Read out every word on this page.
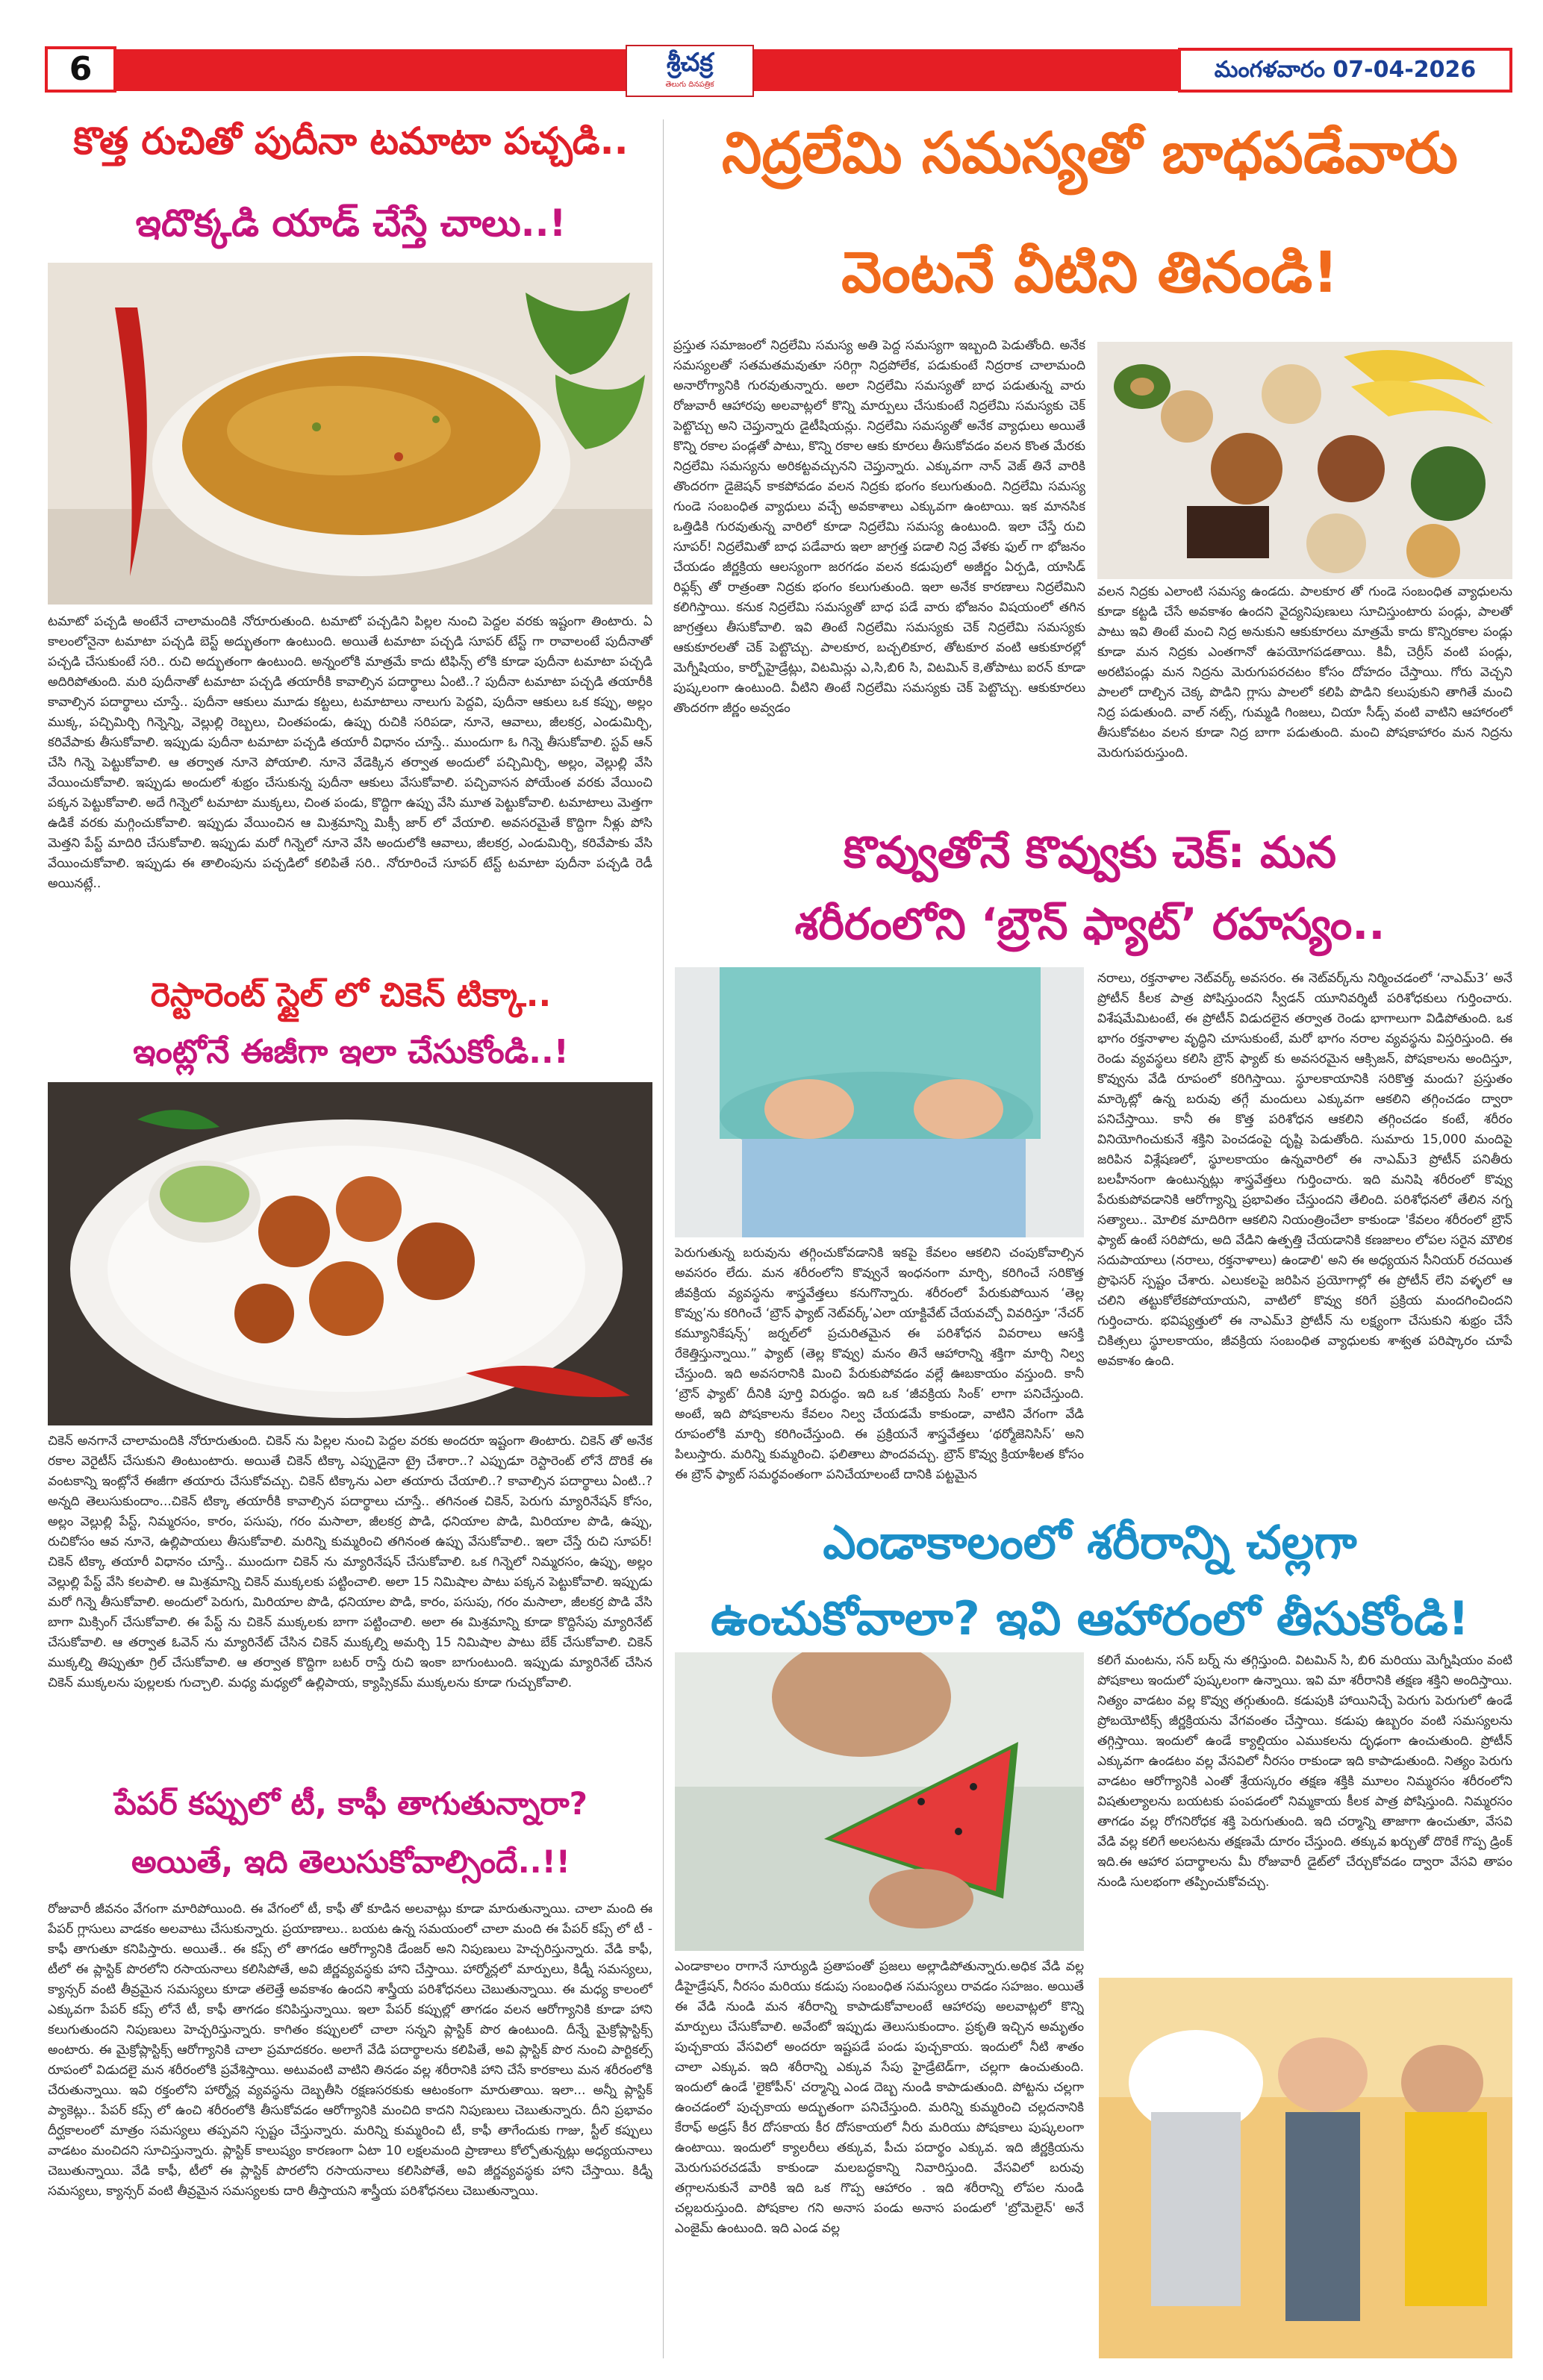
6	శ్రీచక్ర
తెలుగు దినపత్రిక
మంగళవారం 07-04-2026
కొత్త రుచితో పుదీనా టమాటా పచ్చడి..
ఇదొక్కడి యాడ్ చేస్తే చాలు..!
టమాటో పచ్చడి అంటేనే చాలామందికి నోరూరుతుంది. టమాటో పచ్చడిని పిల్లల నుంచి పెద్దల వరకు ఇష్టంగా తింటారు. ఏ కాలంలోనైనా టమాటా పచ్చడి బెస్ట్ అద్భుతంగా ఉంటుంది. అయితే టమాటా పచ్చడి సూపర్ టేస్ట్ గా రావాలంటే పుదీనాతో పచ్చడి చేసుకుంటే సరి.. రుచి అద్భుతంగా ఉంటుంది. అన్నంలోకి మాత్రమే కాదు టిఫిన్స్ లోకి కూడా పుదీనా టమాటా పచ్చడి అదిరిపోతుంది. మరి పుదీనాతో టమాటా పచ్చడి తయారీకి కావాల్సిన పదార్థాలు ఏంటి..? పుదీనా టమాటా పచ్చడి తయారీకి కావాల్సిన పదార్థాలు చూస్తే.. పుదీనా ఆకులు మూడు కట్టలు, టమాటాలు నాలుగు పెద్దవి, పుదీనా ఆకులు ఒక కప్పు, అల్లం ముక్క, పచ్చిమిర్చి గిన్నెన్ని, వెల్లుల్లి రెబ్బలు, చింతపండు, ఉప్పు రుచికి సరిపడా, నూనె, ఆవాలు, జీలకర్ర, ఎండుమిర్చి, కరివేపాకు తీసుకోవాలి. ఇప్పుడు పుదీనా టమాటా పచ్చడి తయారీ విధానం చూస్తే.. ముందుగా ఓ గిన్నె తీసుకోవాలి. స్టవ్ ఆన్ చేసి గిన్నె పెట్టుకోవాలి. ఆ తర్వాత నూనె పోయాలి. నూనె వేడెక్కిన తర్వాత అందులో పచ్చిమిర్చి, అల్లం, వెల్లుల్లి వేసి వేయించుకోవాలి. ఇప్పుడు అందులో శుభ్రం చేసుకున్న పుదీనా ఆకులు వేసుకోవాలి. పచ్చివాసన పోయేంత వరకు వేయించి పక్కన పెట్టుకోవాలి. అదే గిన్నెలో టమాటా ముక్కలు, చింత పండు, కొద్దిగా ఉప్పు వేసి మూత పెట్టుకోవాలి. టమాటాలు మెత్తగా ఉడికే వరకు మగ్గించుకోవాలి. ఇప్పుడు వేయించిన ఆ మిశ్రమాన్ని మిక్సీ జార్ లో వేయాలి. అవసరమైతే కొద్దిగా నీళ్లు పోసి మెత్తని పేస్ట్ మాదిరి చేసుకోవాలి. ఇప్పుడు మరో గిన్నెలో నూనె వేసి అందులోకి ఆవాలు, జీలకర్ర, ఎండుమిర్చి, కరివేపాకు వేసి వేయించుకోవాలి. ఇప్పుడు ఈ తాలింపును పచ్చడిలో కలిపితే సరి.. నోరూరించే సూపర్ టేస్ట్ టమాటా పుదీనా పచ్చడి రెడీ అయినట్లే..
రెస్టారెంట్ స్టైల్ లో చికెన్ టిక్కా..
ఇంట్లోనే ఈజీగా ఇలా చేసుకోండి..!
చికెన్ అనగానే చాలామందికి నోరూరుతుంది. చికెన్ ను పిల్లల నుంచి పెద్దల వరకు అందరూ ఇష్టంగా తింటారు. చికెన్ తో అనేక రకాల వెరైటీస్ చేసుకుని తింటుంటారు. అయితే చికెన్ టిక్కా ఎప్పుడైనా ట్రై చేశారా..? ఎప్పుడూ రెస్టారెంట్ లోనే దొరికే ఈ వంటకాన్ని ఇంట్లోనే ఈజీగా తయారు చేసుకోవచ్చు. చికెన్ టిక్కాను ఎలా తయారు చేయాలి..? కావాల్సిన పదార్థాలు ఏంటి..? అన్నది తెలుసుకుందాం...చికెన్ టిక్కా తయారీకి కావాల్సిన పదార్థాలు చూస్తే.. తగినంత చికెన్, పెరుగు మ్యారినేషన్ కోసం, అల్లం వెల్లుల్లి పేస్ట్, నిమ్మరసం, కారం, పసుపు, గరం మసాలా, జీలకర్ర పొడి, ధనియాల పొడి, మిరియాల పొడి, ఉప్పు, రుచికోసం ఆవ నూనె, ఉల్లిపాయలు తీసుకోవాలి. మరిన్ని కుమ్మరించి తగినంత ఉప్పు వేసుకోవాలి.. ఇలా చేస్తే రుచి సూపర్! చికెన్ టిక్కా తయారీ విధానం చూస్తే.. ముందుగా చికెన్ ను మ్యారినేషన్ చేసుకోవాలి. ఒక గిన్నెలో నిమ్మరసం, ఉప్పు, అల్లం వెల్లుల్లి పేస్ట్ వేసి కలపాలి. ఆ మిశ్రమాన్ని చికెన్ ముక్కలకు పట్టించాలి. అలా 15 నిమిషాల పాటు పక్కన పెట్టుకోవాలి. ఇప్పుడు మరో గిన్నె తీసుకోవాలి. అందులో పెరుగు, మిరియాల పొడి, ధనియాల పొడి, కారం, పసుపు, గరం మసాలా, జీలకర్ర పొడి వేసి బాగా మిక్సింగ్ చేసుకోవాలి. ఈ పేస్ట్ ను చికెన్ ముక్కలకు బాగా పట్టించాలి. అలా ఈ మిశ్రమాన్ని కూడా కొద్దిసేపు మ్యారినేట్ చేసుకోవాలి. ఆ తర్వాత ఓవెన్ ను మ్యారినేట్ చేసిన చికెన్ ముక్కల్ని అమర్చి 15 నిమిషాల పాటు బేక్ చేసుకోవాలి. చికెన్ ముక్కల్ని తిప్పుతూ గ్రిల్ చేసుకోవాలి. ఆ తర్వాత కొద్దిగా బటర్ రాస్తే రుచి ఇంకా బాగుంటుంది. ఇప్పుడు మ్యారినేట్ చేసిన చికెన్ ముక్కలను పుల్లలకు గుచ్చాలి. మధ్య మధ్యలో ఉల్లిపాయ, క్యాప్సికమ్ ముక్కలను కూడా గుచ్చుకోవాలి.
పేపర్ కప్పులో టీ, కాఫీ తాగుతున్నారా?
అయితే, ఇది తెలుసుకోవాల్సిందే..!!
రోజువారీ జీవనం వేగంగా మారిపోయింది. ఈ వేగంలో టీ, కాఫీ తో కూడిన అలవాట్లు కూడా మారుతున్నాయి. చాలా మంది ఈ పేపర్ గ్లాసులు వాడకం అలవాటు చేసుకున్నారు. ప్రయాణాలు.. బయట ఉన్న సమయంలో చాలా మంది ఈ పేపర్ కప్స్ లో టీ - కాఫీ తాగుతూ కనిపిస్తారు. అయితే.. ఈ కప్స్ లో తాగడం ఆరోగ్యానికి డేంజర్ అని నిపుణులు హెచ్చరిస్తున్నారు. వేడి కాఫీ, టీలో ఈ ప్లాస్టిక్ పొరలోని రసాయనాలు కలిసిపోతే, అవి జీర్ణవ్యవస్థకు హాని చేస్తాయి. హార్మోన్లలో మార్పులు, కిడ్నీ సమస్యలు, క్యాన్సర్ వంటి తీవ్రమైన సమస్యలు కూడా తలెత్తే అవకాశం ఉందని శాస్త్రీయ పరిశోధనలు చెబుతున్నాయి. ఈ మధ్య కాలంలో ఎక్కువగా పేపర్ కప్స్ లోనే టీ, కాఫీ తాగడం కనిపిస్తున్నాయి. ఇలా పేపర్ కప్పుల్లో తాగడం వలన ఆరోగ్యానికి కూడా హాని కలుగుతుందని నిపుణులు హెచ్చరిస్తున్నారు. కాగితం కప్పులలో చాలా సన్నని ప్లాస్టిక్ పొర ఉంటుంది. దీన్నే మైక్రోప్లాస్టిక్స్ అంటారు. ఈ మైక్రోప్లాస్టిక్స్ ఆరోగ్యానికి చాలా ప్రమాదకరం. అలాగే వేడి పదార్థాలను కలిపితే, అవి ప్లాస్టిక్ పొర నుంచి పార్టికల్స్ రూపంలో విడుదలై మన శరీరంలోకి ప్రవేశిస్తాయి. అటువంటి వాటిని తినడం వల్ల శరీరానికి హాని చేసే కారకాలు మన శరీరంలోకి చేరుతున్నాయి. ఇవి రక్తంలోని హార్మోన్ల వ్యవస్థను దెబ్బతీసి రక్షణసరకుకు ఆటంకంగా మారుతాయి. ఇలా... అన్నీ ప్లాస్టిక్ ప్యాకెట్లు.. పేపర్ కప్స్ లో ఉంచి శరీరంలోకి తీసుకోవడం ఆరోగ్యానికి మంచిది కాదని నిపుణులు చెబుతున్నారు. దీని ప్రభావం దీర్ఘకాలంలో మాత్రం సమస్యలు తప్పవని స్పష్టం చేస్తున్నారు. మరిన్ని కుమ్మరించి టీ, కాఫీ తాగేందుకు గాజు, స్టీల్ కప్పులు వాడటం మంచిదని సూచిస్తున్నారు. ప్లాస్టిక్ కాలుష్యం కారణంగా ఏటా 10 లక్షలమంది ప్రాణాలు కోల్పోతున్నట్లు అధ్యయనాలు చెబుతున్నాయి. వేడి కాఫీ, టీలో ఈ ప్లాస్టిక్ పొరలోని రసాయనాలు కలిసిపోతే, అవి జీర్ణవ్యవస్థకు హాని చేస్తాయి. కిడ్నీ సమస్యలు, క్యాన్సర్ వంటి తీవ్రమైన సమస్యలకు దారి తీస్తాయని శాస్త్రీయ పరిశోధనలు చెబుతున్నాయి.
నిద్రలేమి సమస్యతో బాధపడేవారు
వెంటనే వీటిని తినండి!
ప్రస్తుత సమాజంలో నిద్రలేమి సమస్య అతి పెద్ద సమస్యగా ఇబ్బంది పెడుతోంది. అనేక సమస్యలతో సతమతమవుతూ సరిగ్గా నిద్రపోలేక, పడుకుంటే నిద్రరాక చాలామంది అనారోగ్యానికి గురవుతున్నారు. అలా నిద్రలేమి సమస్యతో బాధ పడుతున్న వారు రోజువారీ ఆహారపు అలవాట్లలో కొన్ని మార్పులు చేసుకుంటే నిద్రలేమి సమస్యకు చెక్ పెట్టొచ్చు అని చెప్తున్నారు డైటీషియన్లు. నిద్రలేమి సమస్యతో అనేక వ్యాధులు అయితే కొన్ని రకాల పండ్లతో పాటు, కొన్ని రకాల ఆకు కూరలు తీసుకోవడం వలన కొంత మేరకు నిద్రలేమి సమస్యను అరికట్టవచ్చునని చెప్తున్నారు. ఎక్కువగా నాన్ వెజ్ తినే వారికి తొందరగా డైజెషన్ కాకపోవడం వలన నిద్రకు భంగం కలుగుతుంది. నిద్రలేమి సమస్య గుండె సంబంధిత వ్యాధులు వచ్చే అవకాశాలు ఎక్కువగా ఉంటాయి. ఇక మానసిక ఒత్తిడికి గురవుతున్న వారిలో కూడా నిద్రలేమి సమస్య ఉంటుంది. ఇలా చేస్తే రుచి సూపర్! నిద్రలేమితో బాధ పడేవారు ఇలా జాగ్రత్త పడాలి నిద్ర వేళకు ఫుల్ గా భోజనం చేయడం జీర్ణక్రియ ఆలస్యంగా జరగడం వలన కడుపులో అజీర్ణం ఏర్పడి, యాసిడ్ రిఫ్లక్స్ తో రాత్రంతా నిద్రకు భంగం కలుగుతుంది. ఇలా అనేక కారణాలు నిద్రలేమిని కలిగిస్తాయి. కనుక నిద్రలేమి సమస్యతో బాధ పడే వారు భోజనం విషయంలో తగిన జాగ్రత్తలు తీసుకోవాలి. ఇవి తింటే నిద్రలేమి సమస్యకు చెక్ నిద్రలేమి సమస్యకు ఆకుకూరలతో చెక్ పెట్టొచ్చు. పాలకూర, బచ్చలికూర, తోటకూర వంటి ఆకుకూరల్లో మెగ్నీషియం, కార్బోహైడ్రేట్లు, విటమిన్లు ఎ,సి,బి6 సి, విటమిన్ కె,తోపాటు ఐరన్ కూడా పుష్కలంగా ఉంటుంది. వీటిని తింటే నిద్రలేమి సమస్యకు చెక్ పెట్టొచ్చు. ఆకుకూరలు తొందరగా జీర్ణం అవ్వడం
వలన నిద్రకు ఎలాంటి సమస్య ఉండదు. పాలకూర తో గుండె సంబంధిత వ్యాధులను కూడా కట్టడి చేసే అవకాశం ఉందని వైద్యనిపుణులు సూచిస్తుంటారు పండ్లు, పాలతో పాటు ఇవి తింటే మంచి నిద్ర అనుకుని ఆకుకూరలు మాత్రమే కాదు కొన్నిరకాల పండ్లు కూడా మన నిద్రకు ఎంతగానో ఉపయోగపడతాయి. కివీ, చెర్రీస్ వంటి పండ్లు, అరటిపండ్లు మన నిద్రను మెరుగుపరచటం కోసం దోహదం చేస్తాయి. గోరు వెచ్చని పాలలో దాల్చిన చెక్క పొడిని గ్లాసు పాలలో కలిపి పొడిని కలుపుకుని తాగితే మంచి నిద్ర పడుతుంది. వాల్ నట్స్, గుమ్మడి గింజలు, చియా సీడ్స్ వంటి వాటిని ఆహారంలో తీసుకోవటం వలన కూడా నిద్ర బాగా పడుతుంది. మంచి పోషకాహారం మన నిద్రను మెరుగుపరుస్తుంది.
కొవ్వుతోనే కొవ్వుకు చెక్: మన
శరీరంలోని ‘బ్రౌన్ ఫ్యాట్’ రహస్యం..
పెరుగుతున్న బరువును తగ్గించుకోవడానికి ఇకపై కేవలం ఆకలిని చంపుకోవాల్సిన అవసరం లేదు. మన శరీరంలోని కొవ్వునే ఇంధనంగా మార్చి, కరిగించే సరికొత్త జీవక్రియ వ్యవస్థను శాస్త్రవేత్తలు కనుగొన్నారు. శరీరంలో పేరుకుపోయిన ‘తెల్ల కొవ్వు’ను కరిగించే ‘బ్రౌన్ ఫ్యాట్ నెట్‌వర్క్’ఎలా యాక్టివేట్ చేయవచ్చో వివరిస్తూ ‘నేచర్ కమ్యూనికేషన్స్’ జర్నల్‌లో ప్రచురితమైన ఈ పరిశోధన వివరాలు ఆసక్తి రేకెత్తిస్తున్నాయి.” ఫ్యాట్ (తెల్ల కొవ్వు) మనం తినే ఆహారాన్ని శక్తిగా మార్చి నిల్వ చేస్తుంది. ఇది అవసరానికి మించి పేరుకుపోవడం వల్లే ఊబకాయం వస్తుంది. కానీ ‘బ్రౌన్ ఫ్యాట్’ దీనికి పూర్తి విరుద్ధం. ఇది ఒక ‘జీవక్రియ సింక్’ లాగా పనిచేస్తుంది. అంటే, ఇది పోషకాలను కేవలం నిల్వ చేయడమే కాకుండా, వాటిని వేగంగా వేడి రూపంలోకి మార్చి కరిగించేస్తుంది. ఈ ప్రక్రియనే శాస్త్రవేత్తలు ‘థర్మోజెనిసిస్’ అని పిలుస్తారు. మరిన్ని కుమ్మరించి. ఫలితాలు పొందవచ్చు. బ్రౌన్ కొవ్వు క్రియాశీలత కోసం ఈ బ్రౌన్ ఫ్యాట్ సమర్థవంతంగా పనిచేయాలంటే దానికి పట్టమైన
నరాలు, రక్తనాళాల నెట్‌వర్క్ అవసరం. ఈ నెట్‌వర్క్‌ను నిర్మించడంలో ‘నాఎమ్3’ అనే ప్రోటీన్ కీలక పాత్ర పోషిస్తుందని స్వీడన్ యూనివర్శిటీ పరిశోధకులు గుర్తించారు. విశేషమేమిటంటే, ఈ ప్రోటీన్ విడుదలైన తర్వాత రెండు భాగాలుగా విడిపోతుంది. ఒక భాగం రక్తనాళాల వృద్ధిని చూసుకుంటే, మరో భాగం నరాల వ్యవస్థను విస్తరిస్తుంది. ఈ రెండు వ్యవస్థలు కలిసి బ్రౌన్ ఫ్యాట్ కు అవసరమైన ఆక్సిజన్, పోషకాలను అందిస్తూ, కొవ్వును వేడి రూపంలో కరిగిస్తాయి. స్థూలకాయానికి సరికొత్త మందు? ప్రస్తుతం మార్కెట్లో ఉన్న బరువు తగ్గే మందులు ఎక్కువగా ఆకలిని తగ్గించడం ద్వారా పనిచేస్తాయి. కానీ ఈ కొత్త పరిశోధన ఆకలిని తగ్గించడం కంటే, శరీరం వినియోగించుకునే శక్తిని పెంచడంపై దృష్టి పెడుతోంది. సుమారు 15,000 మందిపై జరిపిన విశ్లేషణలో, స్థూలకాయం ఉన్నవారిలో ఈ నాఎమ్3 ప్రోటీన్ పనితీరు బలహీనంగా ఉంటున్నట్లు శాస్త్రవేత్తలు గుర్తించారు. ఇది మనిషి శరీరంలో కొవ్వు పేరుకుపోవడానికి ఆరోగ్యాన్ని ప్రభావితం చేస్తుందని తేలింది. పరిశోధనలో తేలిన నగ్న సత్యాలు.. మోలిక మాదిరిగా ఆకలిని నియంత్రించేలా కాకుండా 'కేవలం శరీరంలో బ్రౌన్ ఫ్యాట్ ఉంటే సరిపోదు, అది వేడిని ఉత్పత్తి చేయడానికి కణజాలం లోపల సరైన మౌలిక సదుపాయాలు (నరాలు, రక్తనాళాలు) ఉండాలి' అని ఈ అధ్యయన సీనియర్ రచయిత ప్రొఫెసర్ స్పష్టం చేశారు. ఎలుకలపై జరిపిన ప్రయోగాల్లో ఈ ప్రోటీన్ లేని వళ్ళలో ఆ చలిని తట్టుకోలేకపోయాయని, వాటిలో కొవ్వు కరిగే ప్రక్రియ మందగించిందని గుర్తించారు. భవిష్యత్తులో ఈ నాఎమ్3 ప్రోటీన్ ను లక్ష్యంగా చేసుకుని శుభ్రం చేసే చికిత్సలు స్థూలకాయం, జీవక్రియ సంబంధిత వ్యాధులకు శాశ్వత పరిష్కారం చూపే అవకాశం ఉంది.
ఎండాకాలంలో శరీరాన్ని చల్లగా
ఉంచుకోవాలా? ఇవి ఆహారంలో తీసుకోండి!
ఎండాకాలం రాగానే సూర్యుడి ప్రతాపంతో ప్రజలు అల్లాడిపోతున్నారు.అధిక వేడి వల్ల డీహైడ్రేషన్, నీరసం మరియు కడుపు సంబంధిత సమస్యలు రావడం సహజం. అయితే ఈ వేడి నుండి మన శరీరాన్ని కాపాడుకోవాలంటే ఆహారపు అలవాట్లలో కొన్ని మార్పులు చేసుకోవాలి. అవేంటో ఇప్పుడు తెలుసుకుందాం. ప్రకృతి ఇచ్చిన అమృతం పుచ్చకాయ వేసవిలో అందరూ ఇష్టపడే పండు పుచ్చకాయ. ఇందులో నీటి శాతం చాలా ఎక్కువ. ఇది శరీరాన్ని ఎక్కువ సేపు హైడ్రేటెడ్‌గా, చల్లగా ఉంచుతుంది. ఇందులో ఉండే 'లైకోపీన్' చర్మాన్ని ఎండ దెబ్బ నుండి కాపాడుతుంది. పోట్టను చల్లగా ఉంచడంలో పుచ్చకాయ అద్భుతంగా పనిచేస్తుంది. మరిన్ని కుమ్మరించి చల్లదనానికి కేరాఫ్ అడ్రస్ కీర దోసకాయ కీర దోసకాయలో నీరు మరియు పోషకాలు పుష్కలంగా ఉంటాయి. ఇందులో క్యాలరీలు తక్కువ, పీచు పదార్థం ఎక్కువ. ఇది జీర్ణక్రియను మెరుగుపరచడమే కాకుండా మలబద్ధకాన్ని నివారిస్తుంది. వేసవిలో బరువు తగ్గాలనుకునే వారికి ఇది ఒక గొప్ప ఆహారం . ఇది శరీరాన్ని లోపల నుండి చల్లబరుస్తుంది. పోషకాల గని అనాస పండు అనాస పండులో 'బ్రోమెలైన్' అనే ఎంజైమ్ ఉంటుంది. ఇది ఎండ వల్ల
కలిగే మంటను, సన్ బర్న్ ను తగ్గిస్తుంది. విటమిన్ సి, బి6 మరియు మెగ్నీషియం వంటి పోషకాలు ఇందులో పుష్కలంగా ఉన్నాయి. ఇవి మా శరీరానికి తక్షణ శక్తిని అందిస్తాయి. నిత్యం వాడటం వల్ల కొవ్వు తగ్గుతుంది. కడుపుకి హాయినిచ్చే పెరుగు పెరుగులో ఉండే ప్రోబయోటిక్స్ జీర్ణక్రియను వేగవంతం చేస్తాయి. కడుపు ఉబ్బరం వంటి సమస్యలను తగ్గిస్తాయి. ఇందులో ఉండే క్యాల్షియం ఎముకలను దృఢంగా ఉంచుతుంది. ప్రోటీన్ ఎక్కువగా ఉండటం వల్ల వేసవిలో నీరసం రాకుండా ఇది కాపాడుతుంది. నిత్యం పెరుగు వాడటం ఆరోగ్యానికి ఎంతో శ్రేయస్కరం తక్షణ శక్తికి మూలం నిమ్మరసం శరీరంలోని విషతుల్యాలను బయటకు పంపడంలో నిమ్మకాయ కీలక పాత్ర పోషిస్తుంది. నిమ్మరసం తాగడం వల్ల రోగనిరోధక శక్తి పెరుగుతుంది. ఇది చర్మాన్ని తాజాగా ఉంచుతూ, వేసవి వేడి వల్ల కలిగే అలసటను తక్షణమే దూరం చేస్తుంది. తక్కువ ఖర్చుతో దొరికే గొప్ప డ్రింక్ ఇది.ఈ ఆహార పదార్థాలను మీ రోజువారీ డైట్‌లో చేర్చుకోవడం ద్వారా వేసవి తాపం నుండి సులభంగా తప్పించుకోవచ్చు.
